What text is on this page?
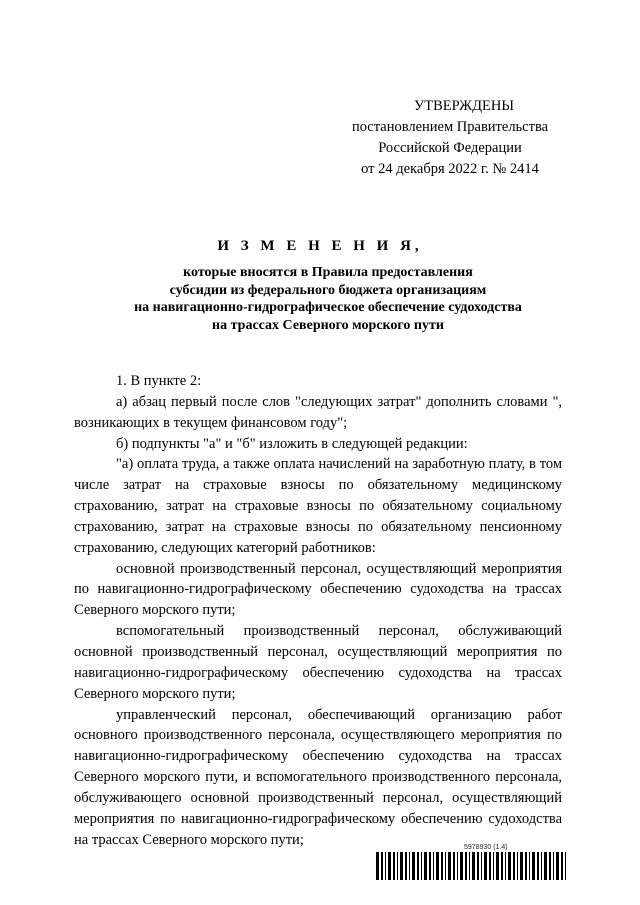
УТВЕРЖДЕНЫ
постановлением Правительства
Российской Федерации
от 24 декабря 2022 г. № 2414
И З М Е Н Е Н И Я,
которые вносятся в Правила предоставления
субсидии из федерального бюджета организациям
на навигационно-гидрографическое обеспечение судоходства
на трассах Северного морского пути

1. В пункте 2:

а) абзац первый после слов "следующих затрат" дополнить словами ", возникающих в текущем финансовом году";

б) подпункты "а" и "б" изложить в следующей редакции:

"а) оплата труда, а также оплата начислений на заработную плату, в том числе затрат на страховые взносы по обязательному медицинскому страхованию, затрат на страховые взносы по обязательному социальному страхованию, затрат на страховые взносы по обязательному пенсионному страхованию, следующих категорий работников:

основной производственный персонал, осуществляющий мероприятия по навигационно-гидрографическому обеспечению судоходства на трассах Северного морского пути;

вспомогательный производственный персонал, обслуживающий основной производственный персонал, осуществляющий мероприятия по навигационно-гидрографическому обеспечению судоходства на трассах Северного морского пути;

управленческий персонал, обеспечивающий организацию работ основного производственного персонала, осуществляющего мероприятия по навигационно-гидрографическому обеспечению судоходства на трассах Северного морского пути, и вспомогательного производственного персонала, обслуживающего основной производственный персонал, осуществляющий мероприятия по навигационно-гидрографическому обеспечению судоходства на трассах Северного морского пути;	5978930 (1.4)
